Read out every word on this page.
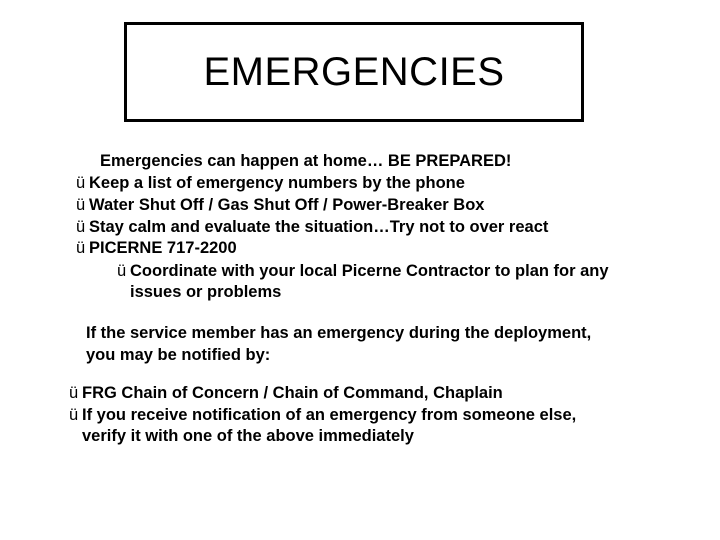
EMERGENCIES
Emergencies can happen at home… BE PREPARED!
ü Keep a list of emergency numbers by the phone
ü Water Shut Off / Gas Shut Off / Power-Breaker Box
ü Stay calm and evaluate the situation…Try not to over react
ü PICERNE 717-2200
ü Coordinate with your local Picerne Contractor to plan for any
issues or problems
If the service member has an emergency during the deployment,
you may be notified by:
ü FRG Chain of Concern / Chain of Command, Chaplain
ü If you receive notification of an emergency from someone else,
verify it with one of the above immediately
